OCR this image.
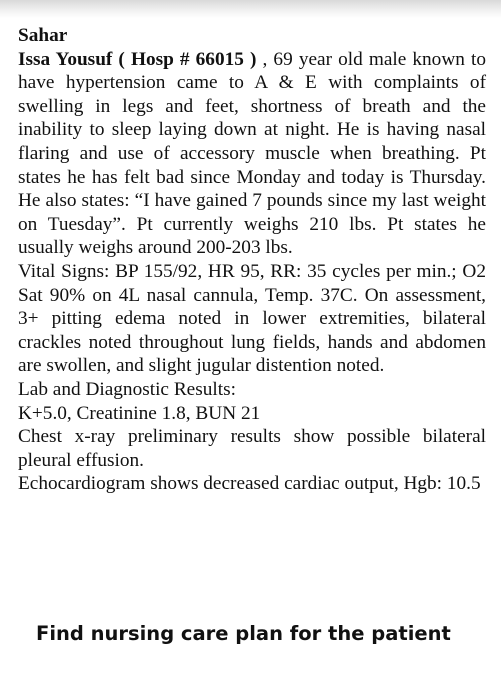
Sahar

Issa Yousuf ( Hosp # 66015 ) , 69 year old male known to have hypertension came to A & E with complaints of swelling in legs and feet, shortness of breath and the inability to sleep laying down at night. He is having nasal flaring and use of accessory muscle when breathing. Pt states he has felt bad since Monday and today is Thursday. He also states: “I have gained 7 pounds since my last weight on Tuesday”. Pt currently weighs 210 lbs. Pt states he usually weighs around 200-203 lbs.

Vital Signs: BP 155/92, HR 95, RR: 35 cycles per min.; O2 Sat 90% on 4L nasal cannula, Temp. 37C. On assessment, 3+ pitting edema noted in lower extremities, bilateral crackles noted throughout lung fields, hands and abdomen are swollen, and slight jugular distention noted.

Lab and Diagnostic Results:

K+5.0, Creatinine 1.8, BUN 21

Chest x-ray preliminary results show possible bilateral pleural effusion.

Echocardiogram shows decreased cardiac output, Hgb: 10.5

Find nursing care plan for the patient
